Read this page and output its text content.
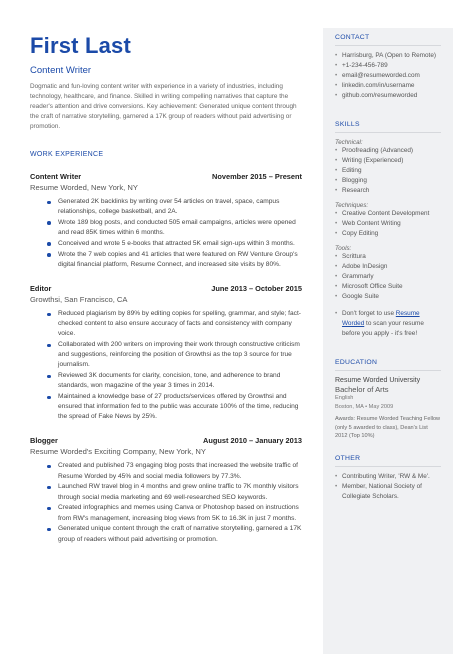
First Last
Content Writer

Dogmatic and fun-loving content writer with experience in a variety of industries, including technology, healthcare, and finance. Skilled in writing compelling narratives that capture the reader's attention and drive conversions. Key achievement: Generated unique content through the craft of narrative storytelling, garnered a 17K group of readers without paid advertising or promotion.

WORK EXPERIENCE
Content Writer	November 2015 – Present
Resume Worded, New York, NY
Generated 2K backlinks by writing over 54 articles on travel, space, campus relationships, college basketball, and 2A.
Wrote 189 blog posts, and conducted 505 email campaigns, articles were opened and read 85K times within 6 months.
Conceived and wrote 5 e-books that attracted 5K email sign-ups within 3 months.
Wrote the 7 web copies and 41 articles that were featured on RW Venture Group's digital financial platform, Resume Connect, and increased site visits by 80%.
Editor	June 2013 – October 2015
Growthsi, San Francisco, CA
Reduced plagiarism by 89% by editing copies for spelling, grammar, and style; fact-checked content to also ensure accuracy of facts and consistency with company voice.
Collaborated with 200 writers on improving their work through constructive criticism and suggestions, reinforcing the position of Growthsi as the top 3 source for true journalism.
Reviewed 3K documents for clarity, concision, tone, and adherence to brand standards, won magazine of the year 3 times in 2014.
Maintained a knowledge base of 27 products/services offered by Growthsi and ensured that information fed to the public was accurate 100% of the time, reducing the spread of Fake News by 25%.
Blogger	August 2010 – January 2013
Resume Worded's Exciting Company, New York, NY
Created and published 73 engaging blog posts that increased the website traffic of Resume Worded by 45% and social media followers by 77.3%.
Launched RW travel blog in 4 months and grew online traffic to 7K monthly visitors through social media marketing and 69 well-researched SEO keywords.
Created infographics and memes using Canva or Photoshop based on instructions from RW's management, increasing blog views from 5K to 16.3K in just 7 months.
Generated unique content through the craft of narrative storytelling, garnered a 17K group of readers without paid advertising or promotion.
CONTACT
• Harrisburg, PA (Open to Remote)
• +1-234-456-789
• email@resumeworded.com
• linkedin.com/in/username
• github.com/resumeworded
SKILLS
Technical:
• Proofreading (Advanced)
• Writing (Experienced)
• Editing
• Blogging
• Research
Techniques:
• Creative Content Development
• Web Content Writing
• Copy Editing
Tools:
• Scrittura
• Adobe InDesign
• Grammarly
• Microsoft Office Suite
• Google Suite
• Don't forget to use Resume Worded to scan your resume before you apply - it's free!
EDUCATION
Resume Worded University
Bachelor of Arts
English
Boston, MA • May 2009
Awards: Resume Worded Teaching Fellow (only 5 awarded to class), Dean's List 2012 (Top 10%)
OTHER
• Contributing Writer, 'RW & Me'.
• Member, National Society of Collegiate Scholars.
